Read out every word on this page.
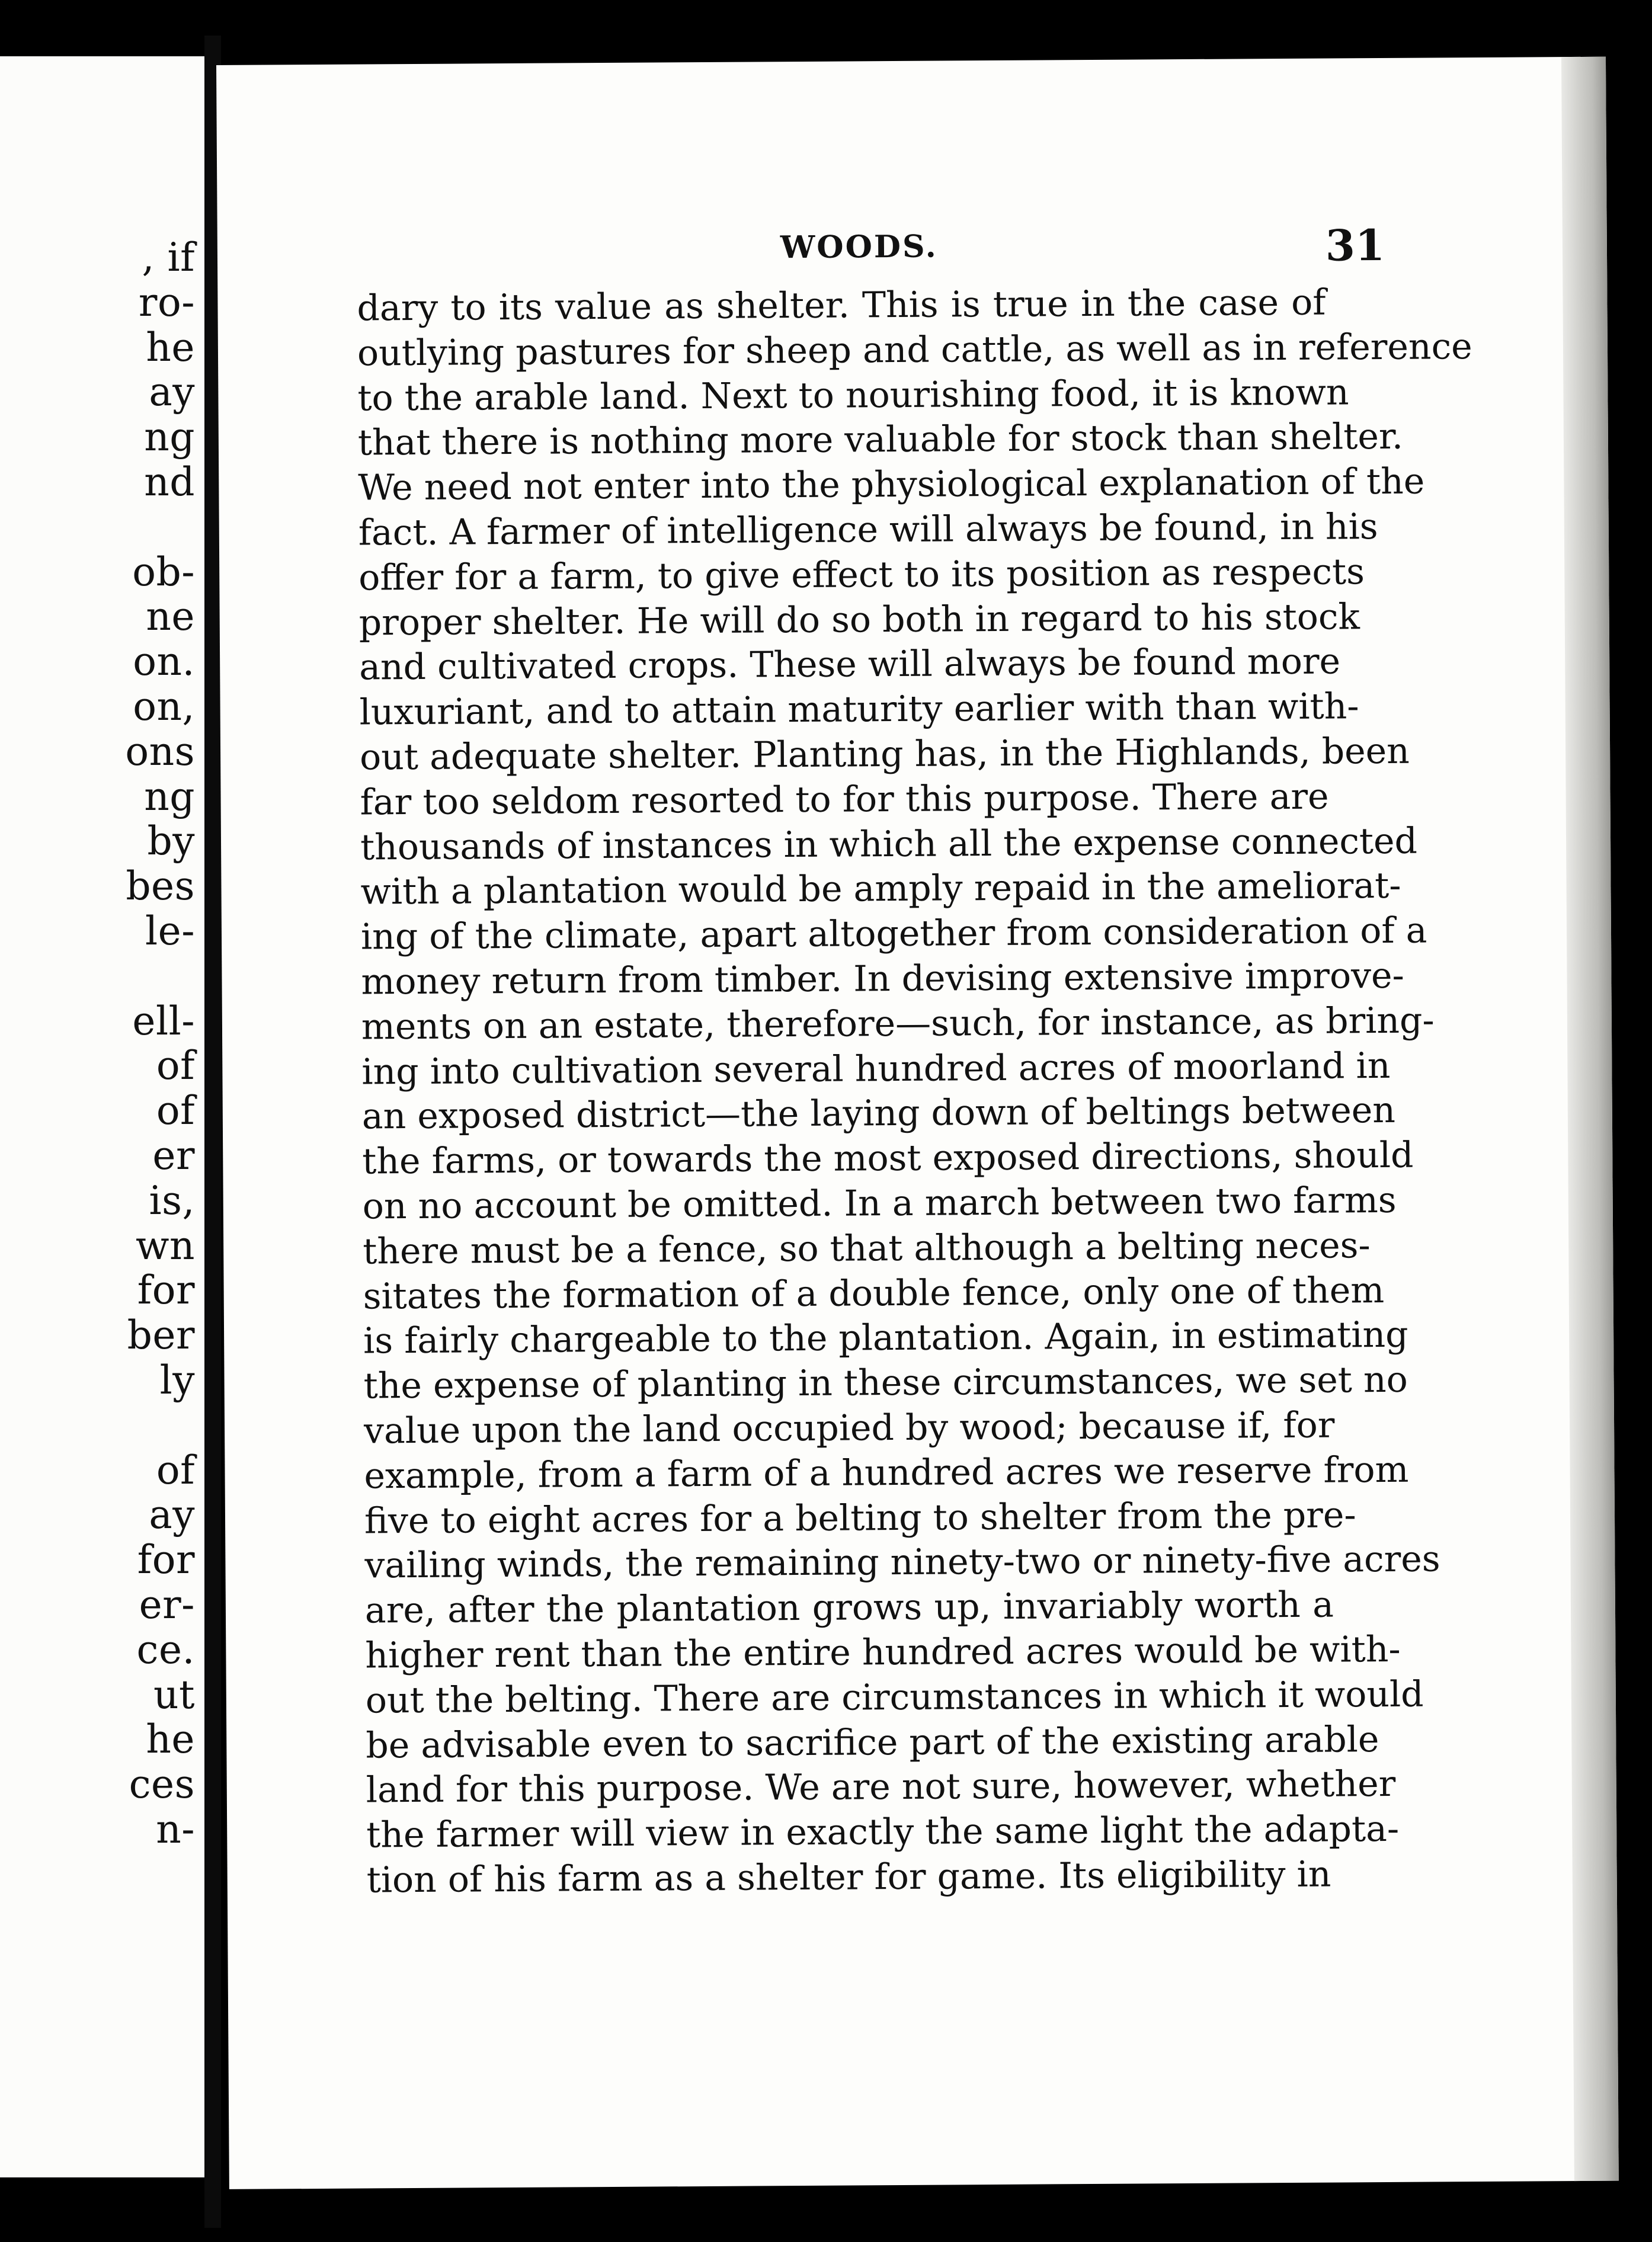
, if
ro-
he
ay
ng
nd
ob-
ne
on.
on,
ons
ng
by
bes
le-
ell-
of
of
er
is,
wn
for
ber
ly
of
ay
for
er-
ce.
ut
he
ces
n-
WOODS.	31
dary to its value as shelter. This is true in the case of
outlying pastures for sheep and cattle, as well as in reference
to the arable land. Next to nourishing food, it is known
that there is nothing more valuable for stock than shelter.
We need not enter into the physiological explanation of the
fact. A farmer of intelligence will always be found, in his
offer for a farm, to give effect to its position as respects
proper shelter. He will do so both in regard to his stock
and cultivated crops. These will always be found more
luxuriant, and to attain maturity earlier with than with-
out adequate shelter. Planting has, in the Highlands, been
far too seldom resorted to for this purpose. There are
thousands of instances in which all the expense connected
with a plantation would be amply repaid in the ameliorat-
ing of the climate, apart altogether from consideration of a
money return from timber. In devising extensive improve-
ments on an estate, therefore—such, for instance, as bring-
ing into cultivation several hundred acres of moorland in
an exposed district—the laying down of beltings between
the farms, or towards the most exposed directions, should
on no account be omitted. In a march between two farms
there must be a fence, so that although a belting neces-
sitates the formation of a double fence, only one of them
is fairly chargeable to the plantation. Again, in estimating
the expense of planting in these circumstances, we set no
value upon the land occupied by wood; because if, for
example, from a farm of a hundred acres we reserve from
five to eight acres for a belting to shelter from the pre-
vailing winds, the remaining ninety-two or ninety-five acres
are, after the plantation grows up, invariably worth a
higher rent than the entire hundred acres would be with-
out the belting. There are circumstances in which it would
be advisable even to sacrifice part of the existing arable
land for this purpose. We are not sure, however, whether
the farmer will view in exactly the same light the adapta-
tion of his farm as a shelter for game. Its eligibility in
